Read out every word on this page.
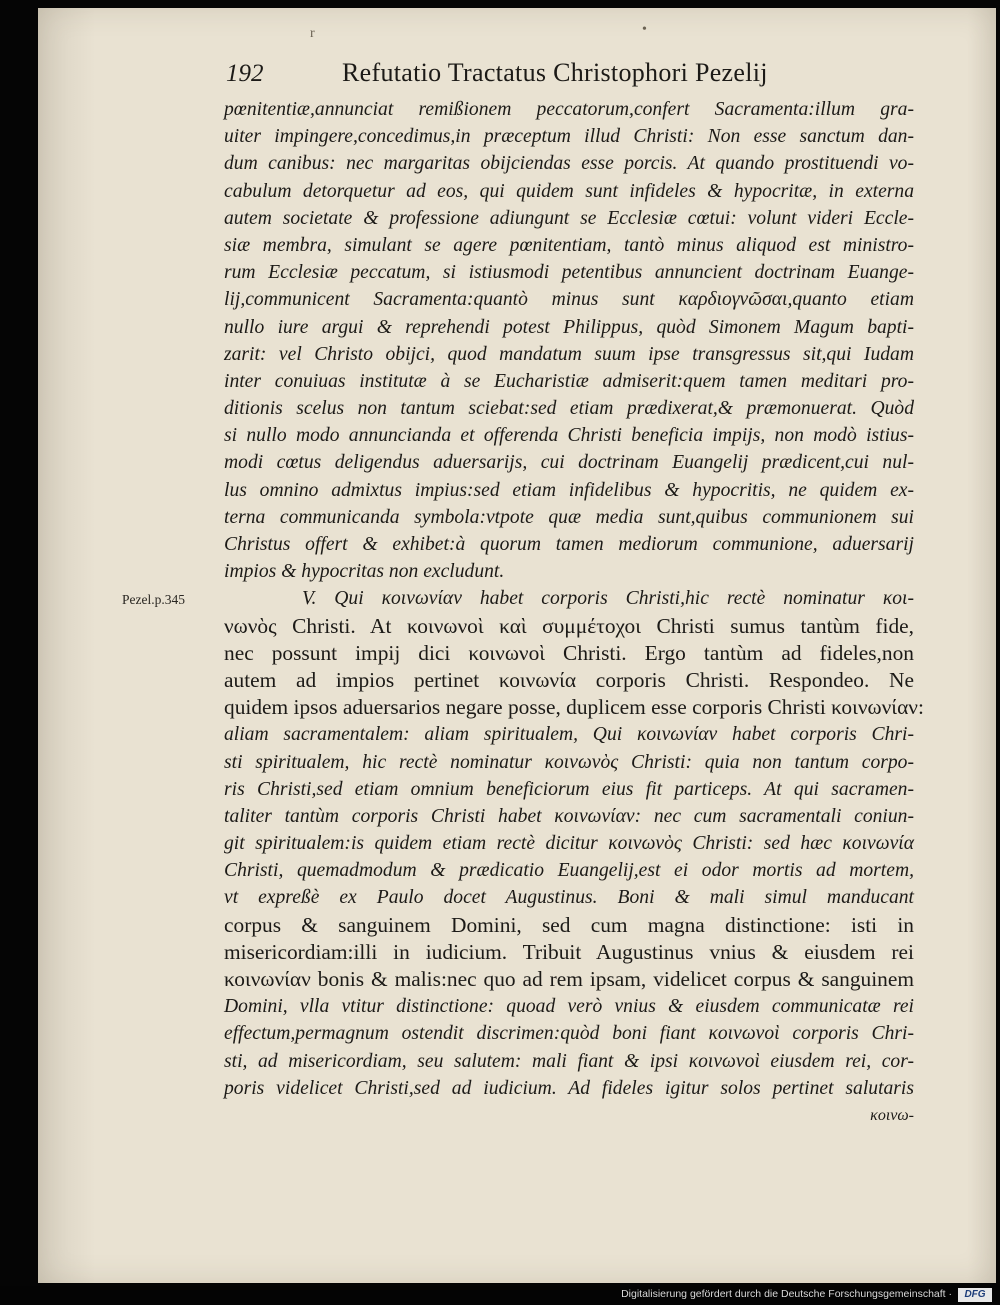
r	•
192	Refutatio Tractatus Christophori Pezelij
Pezel.p.345
pœnitentiæ,annunciat remißionem peccatorum,confert Sacramenta:illum gra-
uiter impingere,concedimus,in præceptum illud Christi: Non esse sanctum dan-
dum canibus: nec margaritas obijciendas esse porcis. At quando prostituendi vo-
cabulum detorquetur ad eos, qui quidem sunt infideles & hypocritæ, in externa
autem societate & professione adiungunt se Ecclesiæ cœtui: volunt videri Eccle-
siæ membra, simulant se agere pœnitentiam, tantò minus aliquod est ministro-
rum Ecclesiæ peccatum, si istiusmodi petentibus annuncient doctrinam Euange-
lij,communicent Sacramenta:quantò minus sunt καρδιογνῶσαι,quanto etiam
nullo iure argui & reprehendi potest Philippus, quòd Simonem Magum bapti-
zarit: vel Christo obijci, quod mandatum suum ipse transgressus sit,qui Iudam
inter conuiuas institutæ à se Eucharistiæ admiserit:quem tamen meditari pro-
ditionis scelus non tantum sciebat:sed etiam prædixerat,& præmonuerat. Quòd
si nullo modo annuncianda et offerenda Christi beneficia impijs, non modò istius-
modi cœtus deligendus aduersarijs, cui doctrinam Euangelij prædicent,cui nul-
lus omnino admixtus impius:sed etiam infidelibus & hypocritis, ne quidem ex-
terna communicanda symbola:vtpote quæ media sunt,quibus communionem sui
Christus offert & exhibet:à quorum tamen mediorum communione, aduersarij
impios & hypocritas non excludunt.
V. Qui κοινωνίαν habet corporis Christi,hic rectè nominatur κοι-
νωνὸς Christi. At κοινωνοὶ καὶ συμμέτοχοι Christi sumus tantùm fide,
nec possunt impij dici κοινωνοὶ Christi. Ergo tantùm ad fideles,non
autem ad impios pertinet κοινωνία corporis Christi. Respondeo. Ne
quidem ipsos aduersarios negare posse, duplicem esse corporis Christi κοινωνίαν:
aliam sacramentalem: aliam spiritualem, Qui κοινωνίαν habet corporis Chri-
sti spiritualem, hic rectè nominatur κοινωνὸς Christi: quia non tantum corpo-
ris Christi,sed etiam omnium beneficiorum eius fit particeps. At qui sacramen-
taliter tantùm corporis Christi habet κοινωνίαν: nec cum sacramentali coniun-
git spiritualem:is quidem etiam rectè dicitur κοινωνὸς Christi: sed hæc κοινωνία
Christi, quemadmodum & prædicatio Euangelij,est ei odor mortis ad mortem,
vt expreßè ex Paulo docet Augustinus. Boni & mali simul manducant
corpus & sanguinem Domini, sed cum magna distinctione: isti in
misericordiam:illi in iudicium. Tribuit Augustinus vnius & eiusdem rei
κοινωνίαν bonis & malis:nec quo ad rem ipsam, videlicet corpus & sanguinem
Domini, vlla vtitur distinctione: quoad verò vnius & eiusdem communicatæ rei
effectum,permagnum ostendit discrimen:quòd boni fiant κοινωνοὶ corporis Chri-
sti, ad misericordiam, seu salutem: mali fiant & ipsi κοινωνοὶ eiusdem rei, cor-
poris videlicet Christi,sed ad iudicium. Ad fideles igitur solos pertinet salutaris
κοινω-
Digitalisierung gefördert durch die Deutsche Forschungsgemeinschaft ·	DFG
